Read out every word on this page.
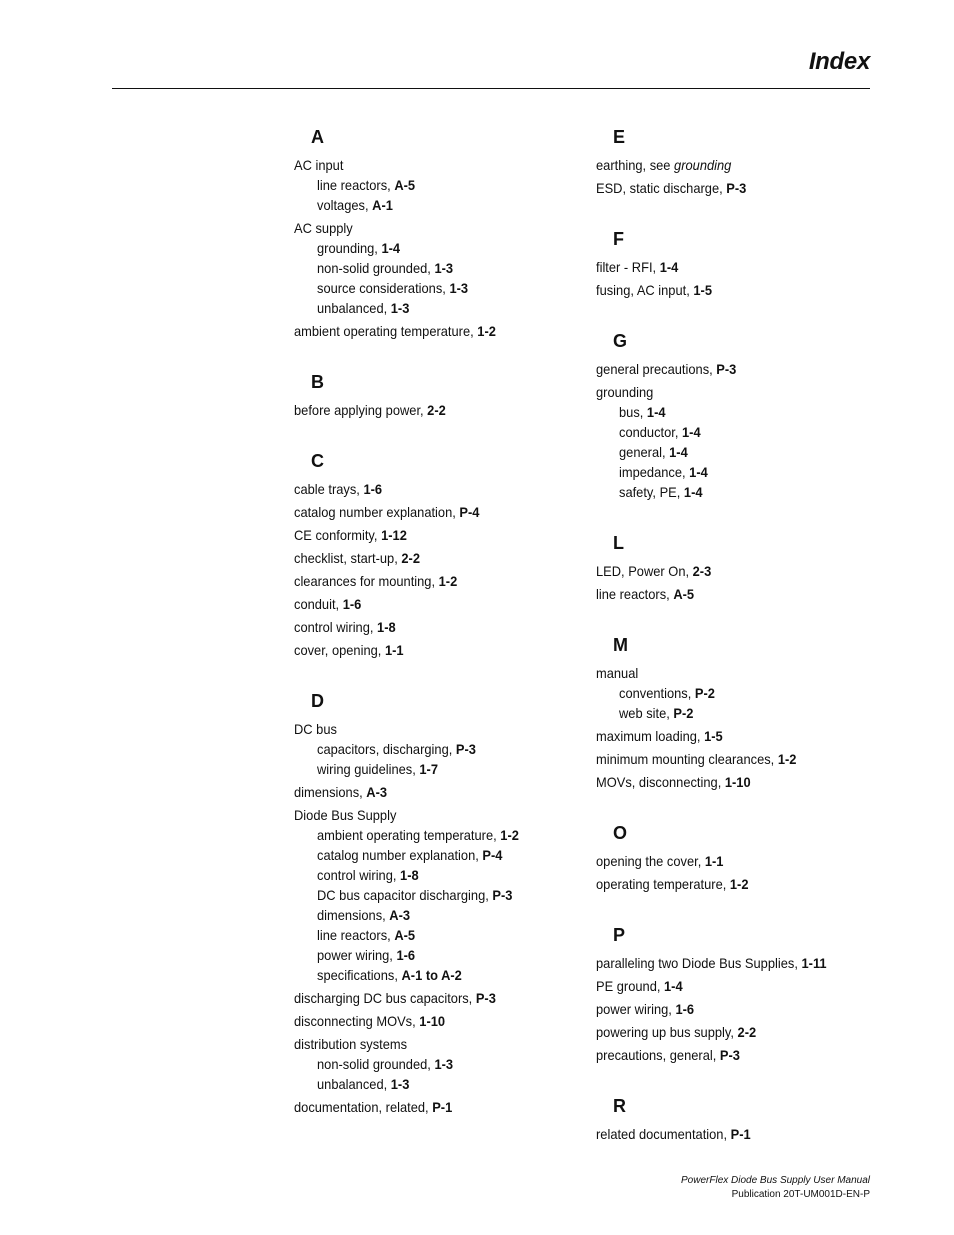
Index
A
AC input
line reactors, A-5
voltages, A-1
AC supply
grounding, 1-4
non-solid grounded, 1-3
source considerations, 1-3
unbalanced, 1-3
ambient operating temperature, 1-2
B
before applying power, 2-2
C
cable trays, 1-6
catalog number explanation, P-4
CE conformity, 1-12
checklist, start-up, 2-2
clearances for mounting, 1-2
conduit, 1-6
control wiring, 1-8
cover, opening, 1-1
D
DC bus
capacitors, discharging, P-3
wiring guidelines, 1-7
dimensions, A-3
Diode Bus Supply
ambient operating temperature, 1-2
catalog number explanation, P-4
control wiring, 1-8
DC bus capacitor discharging, P-3
dimensions, A-3
line reactors, A-5
power wiring, 1-6
specifications, A-1 to A-2
discharging DC bus capacitors, P-3
disconnecting MOVs, 1-10
distribution systems
non-solid grounded, 1-3
unbalanced, 1-3
documentation, related, P-1
E
earthing, see grounding
ESD, static discharge, P-3
F
filter - RFI, 1-4
fusing, AC input, 1-5
G
general precautions, P-3
grounding
bus, 1-4
conductor, 1-4
general, 1-4
impedance, 1-4
safety, PE, 1-4
L
LED, Power On, 2-3
line reactors, A-5
M
manual
conventions, P-2
web site, P-2
maximum loading, 1-5
minimum mounting clearances, 1-2
MOVs, disconnecting, 1-10
O
opening the cover, 1-1
operating temperature, 1-2
P
paralleling two Diode Bus Supplies, 1-11
PE ground, 1-4
power wiring, 1-6
powering up bus supply, 2-2
precautions, general, P-3
R
related documentation, P-1
PowerFlex Diode Bus Supply User Manual
Publication 20T-UM001D-EN-P
